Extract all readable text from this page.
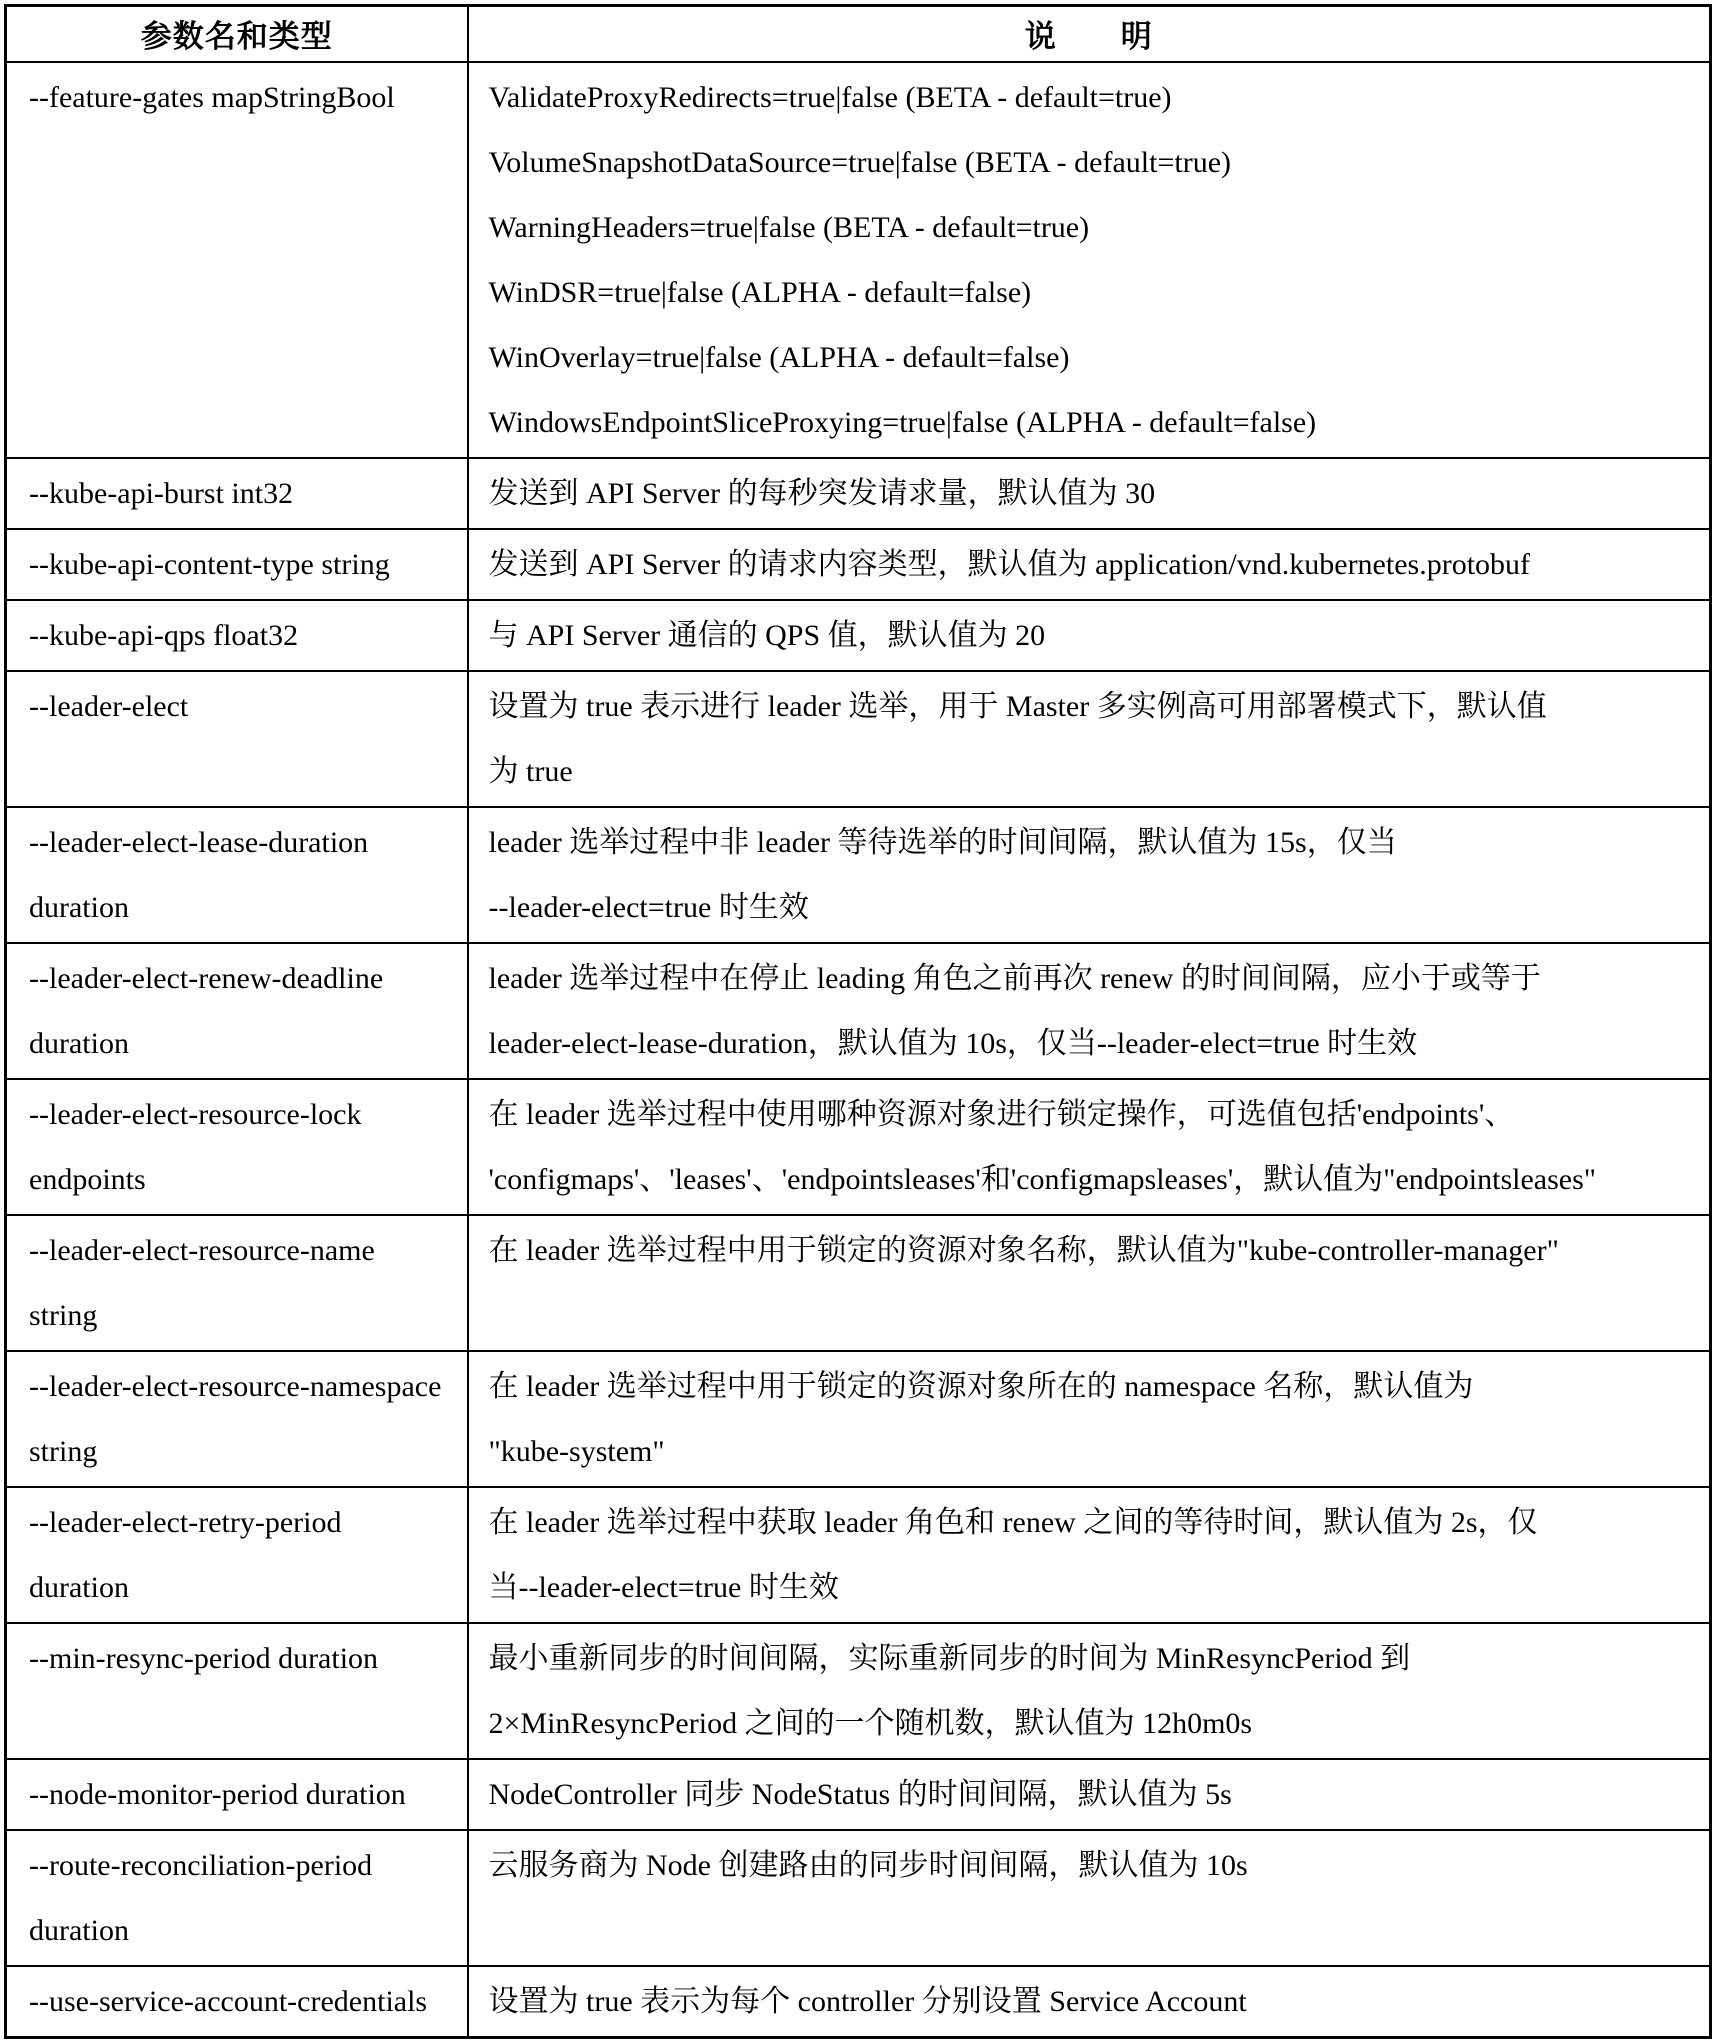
参数名和类型	说　　明
--feature-gates mapStringBool	ValidateProxyRedirects=true|false (BETA - default=true)
VolumeSnapshotDataSource=true|false (BETA - default=true)
WarningHeaders=true|false (BETA - default=true)
WinDSR=true|false (ALPHA - default=false)
WinOverlay=true|false (ALPHA - default=false)
WindowsEndpointSliceProxying=true|false (ALPHA - default=false)

--kube-api-burst int32	发送到 API Server 的每秒突发请求量，默认值为 30

--kube-api-content-type string	发送到 API Server 的请求内容类型，默认值为 application/vnd.kubernetes.protobuf

--kube-api-qps float32	与 API Server 通信的 QPS 值，默认值为 20

--leader-elect	设置为 true 表示进行 leader 选举，用于 Master 多实例高可用部署模式下，默认值
为 true

--leader-elect-lease-duration duration	leader 选举过程中非 leader 等待选举的时间间隔，默认值为 15s，仅当
--leader-elect=true 时生效

--leader-elect-renew-deadline duration	leader 选举过程中在停止 leading 角色之前再次 renew 的时间间隔，应小于或等于
leader-elect-lease-duration，默认值为 10s，仅当--leader-elect=true 时生效

--leader-elect-resource-lock endpoints	在 leader 选举过程中使用哪种资源对象进行锁定操作，可选值包括'endpoints'、
'configmaps'、'leases'、'endpointsleases'和'configmapsleases'，默认值为"endpointsleases"

--leader-elect-resource-name string	在 leader 选举过程中用于锁定的资源对象名称，默认值为"kube-controller-manager"

--leader-elect-resource-namespace string	在 leader 选举过程中用于锁定的资源对象所在的 namespace 名称，默认值为
"kube-system"

--leader-elect-retry-period duration	在 leader 选举过程中获取 leader 角色和 renew 之间的等待时间，默认值为 2s，仅
当--leader-elect=true 时生效

--min-resync-period duration	最小重新同步的时间间隔，实际重新同步的时间为 MinResyncPeriod 到
2×MinResyncPeriod 之间的一个随机数，默认值为 12h0m0s

--node-monitor-period duration	NodeController 同步 NodeStatus 的时间间隔，默认值为 5s

--route-reconciliation-period duration	云服务商为 Node 创建路由的同步时间间隔，默认值为 10s

--use-service-account-credentials	设置为 true 表示为每个 controller 分别设置 Service Account
